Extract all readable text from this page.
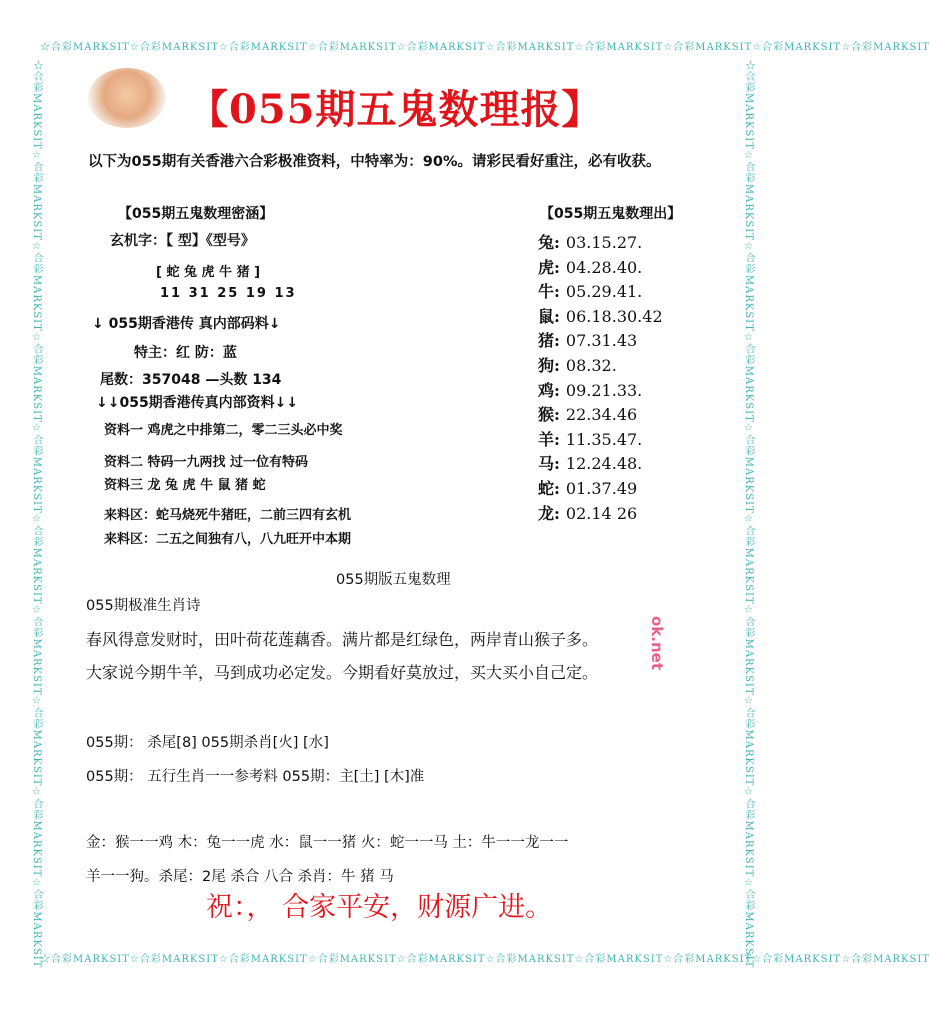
☆合彩MARKSIT☆合彩MARKSIT☆合彩MARKSIT☆合彩MARKSIT☆合彩MARKSIT☆合彩MARKSIT☆合彩MARKSIT☆合彩MARKSIT☆合彩MARKSIT☆合彩MARKSIT
☆合彩MARKSIT☆合彩MARKSIT☆合彩MARKSIT☆合彩MARKSIT☆合彩MARKSIT☆合彩MARKSIT☆合彩MARKSIT☆合彩MARKSIT☆合彩MARKSIT☆合彩MARKSIT
☆合彩MARKSIT☆合彩MARKSIT☆合彩MARKSIT☆合彩MARKSIT☆合彩MARKSIT☆合彩MARKSIT☆合彩MARKSIT☆合彩MARKSIT☆合彩MARKSIT☆合彩MARKSIT	☆合彩MARKSIT☆合彩MARKSIT☆合彩MARKSIT☆合彩MARKSIT☆合彩MARKSIT☆合彩MARKSIT☆合彩MARKSIT☆合彩MARKSIT☆合彩MARKSIT☆合彩MARKSIT
【055期五鬼数理报】
以下为055期有关香港六合彩极准资料，中特率为：90%。请彩民看好重注，必有收获。
【055期五鬼数理密涵】
玄机字：【 型】《型号》
[ 蛇 兔 虎 牛 猪 ]
11 31 25 19 13
↓ 055期香港传 真内部码料↓
特主：红 防：蓝
尾数：357048 —头数 134
↓↓055期香港传真内部资料↓↓
资料一 鸡虎之中排第二，零二三头必中奖
资料二 特码一九两找 过一位有特码
资料三 龙 兔 虎 牛 鼠 猪 蛇
来料区：蛇马烧死牛猪旺，二前三四有玄机
来料区：二五之间独有八，八九旺开中本期
【055期五鬼数理出】
兔: 03.15.27.
虎: 04.28.40.
牛: 05.29.41.
鼠: 06.18.30.42
猪: 07.31.43
狗: 08.32.
鸡: 09.21.33.
猴: 22.34.46
羊: 11.35.47.
马: 12.24.48.
蛇: 01.37.49
龙: 02.14 26
055期版五鬼数理
055期极准生肖诗
春风得意发财时，田叶荷花莲藕香。满片都是红绿色，两岸青山猴子多。
大家说今期牛羊，马到成功必定发。今期看好莫放过，买大买小自己定。
ok.net
055期： 杀尾[8] 055期杀肖[火] [水]
055期： 五行生肖一一参考料 055期：主[土] [木]准
金：猴一一鸡 木：兔一一虎 水：鼠一一猪 火：蛇一一马 土：牛一一龙一一
羊一一狗。杀尾：2尾 杀合 八合 杀肖：牛 猪 马
祝：， 合家平安，财源广进。
